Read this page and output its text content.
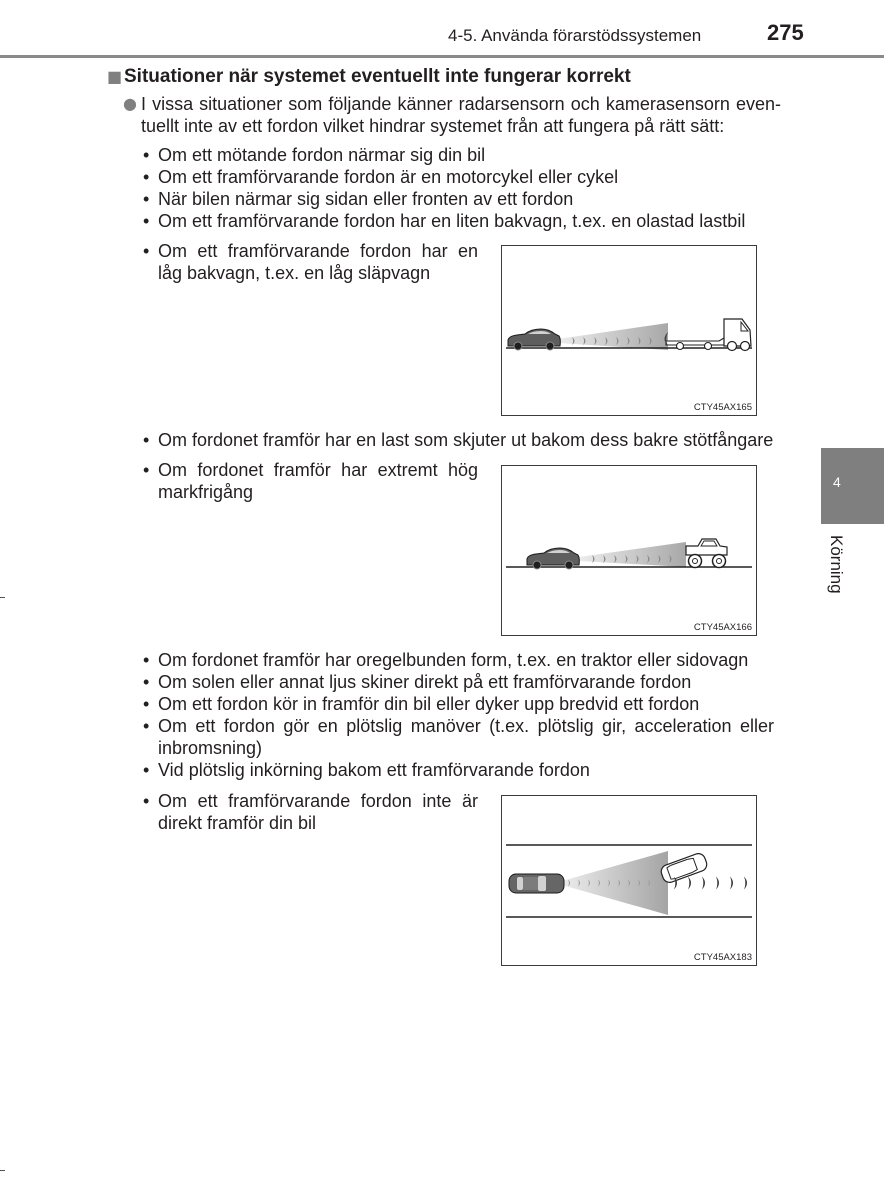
4-5. Använda förarstödssystemen	275
4
Körning
■ Situationer när systemet eventuellt inte fungerar korrekt
● I vissa situationer som följande känner radarsensorn och kamerasensorn even-
tuellt inte av ett fordon vilket hindrar systemet från att fungera på rätt sätt:
• Om ett mötande fordon närmar sig din bil
• Om ett framförvarande fordon är en motorcykel eller cykel
• När bilen närmar sig sidan eller fronten av ett fordon
• Om ett framförvarande fordon har en liten bakvagn, t.ex. en olastad lastbil
• Om ett framförvarande fordon har en
låg bakvagn, t.ex. en låg släpvagn
• Om fordonet framför har en last som skjuter ut bakom dess bakre stötfångare
• Om fordonet framför har extremt hög
markfrigång
• Om fordonet framför har oregelbunden form, t.ex. en traktor eller sidovagn
• Om solen eller annat ljus skiner direkt på ett framförvarande fordon
• Om ett fordon kör in framför din bil eller dyker upp bredvid ett fordon
• Om ett fordon gör en plötslig manöver (t.ex. plötslig gir, acceleration eller
inbromsning)
• Vid plötslig inkörning bakom ett framförvarande fordon
• Om ett framförvarande fordon inte är
direkt framför din bil
CTY45AX165
CTY45AX166
CTY45AX183
